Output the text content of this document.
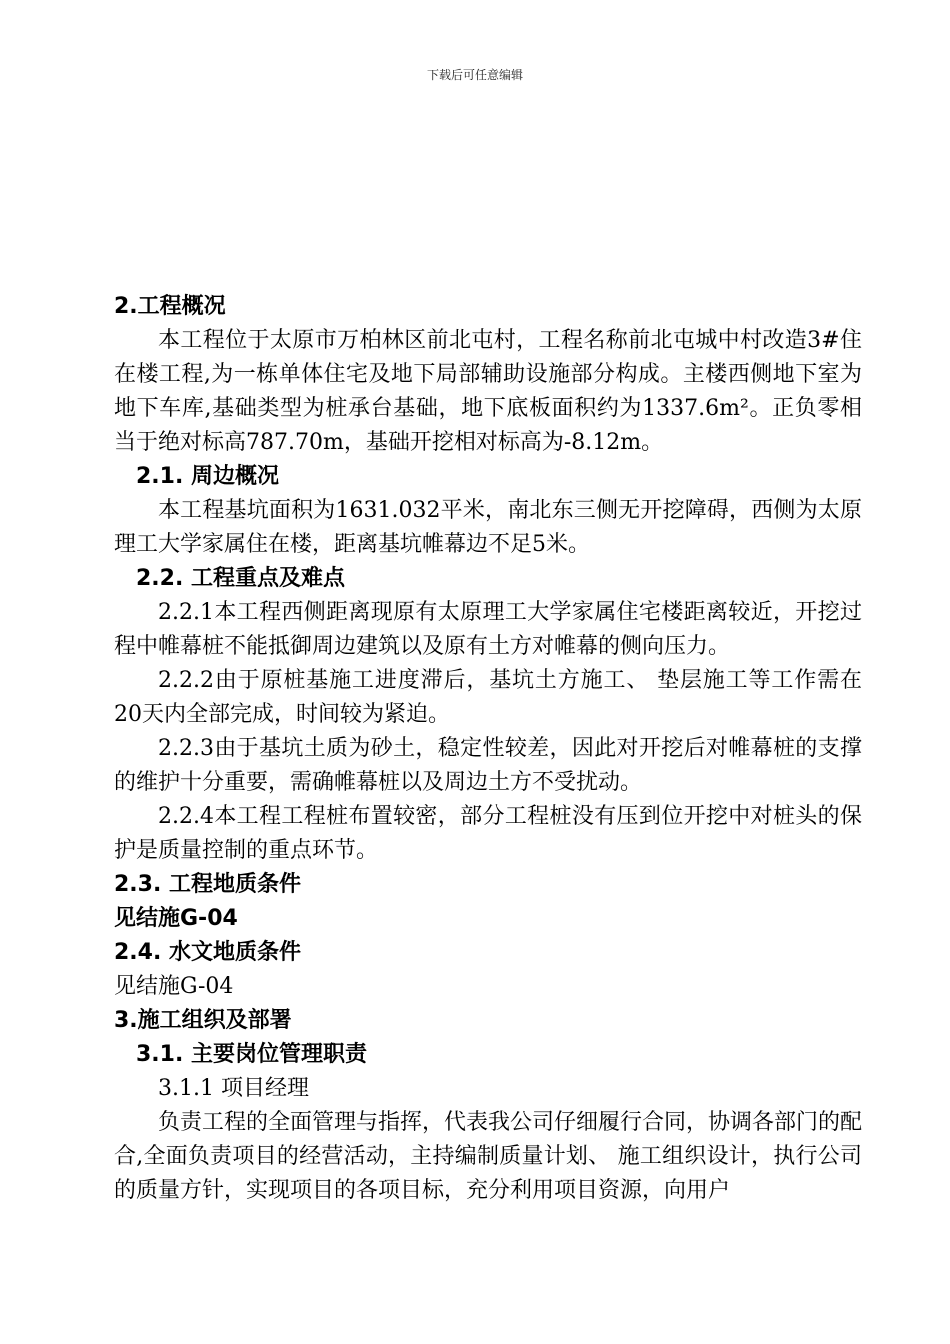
下载后可任意编辑

2.工程概况

本工程位于太原市万柏林区前北屯村，工程名称前北屯城中村改造3#住在楼工程,为一栋单体住宅及地下局部辅助设施部分构成。主楼西侧地下室为地下车库,基础类型为桩承台基础，地下底板面积约为1337.6m²。正负零相当于绝对标高787.70m，基础开挖相对标高为-8.12m。

2.1. 周边概况

本工程基坑面积为1631.032平米，南北东三侧无开挖障碍，西侧为太原理工大学家属住在楼，距离基坑帷幕边不足5米。

2.2. 工程重点及难点

2.2.1本工程西侧距离现原有太原理工大学家属住宅楼距离较近，开挖过程中帷幕桩不能抵御周边建筑以及原有土方对帷幕的侧向压力。

2.2.2由于原桩基施工进度滞后，基坑土方施工、 垫层施工等工作需在20天内全部完成，时间较为紧迫。

2.2.3由于基坑土质为砂土，稳定性较差，因此对开挖后对帷幕桩的支撑的维护十分重要，需确帷幕桩以及周边土方不受扰动。

2.2.4本工程工程桩布置较密，部分工程桩没有压到位开挖中对桩头的保护是质量控制的重点环节。

2.3. 工程地质条件

见结施G-04

2.4. 水文地质条件

见结施G-04

3.施工组织及部署

3.1. 主要岗位管理职责

3.1.1 项目经理

负责工程的全面管理与指挥，代表我公司仔细履行合同，协调各部门的配合,全面负责项目的经营活动，主持编制质量计划、 施工组织设计，执行公司的质量方针，实现项目的各项目标，充分利用项目资源，向用户
